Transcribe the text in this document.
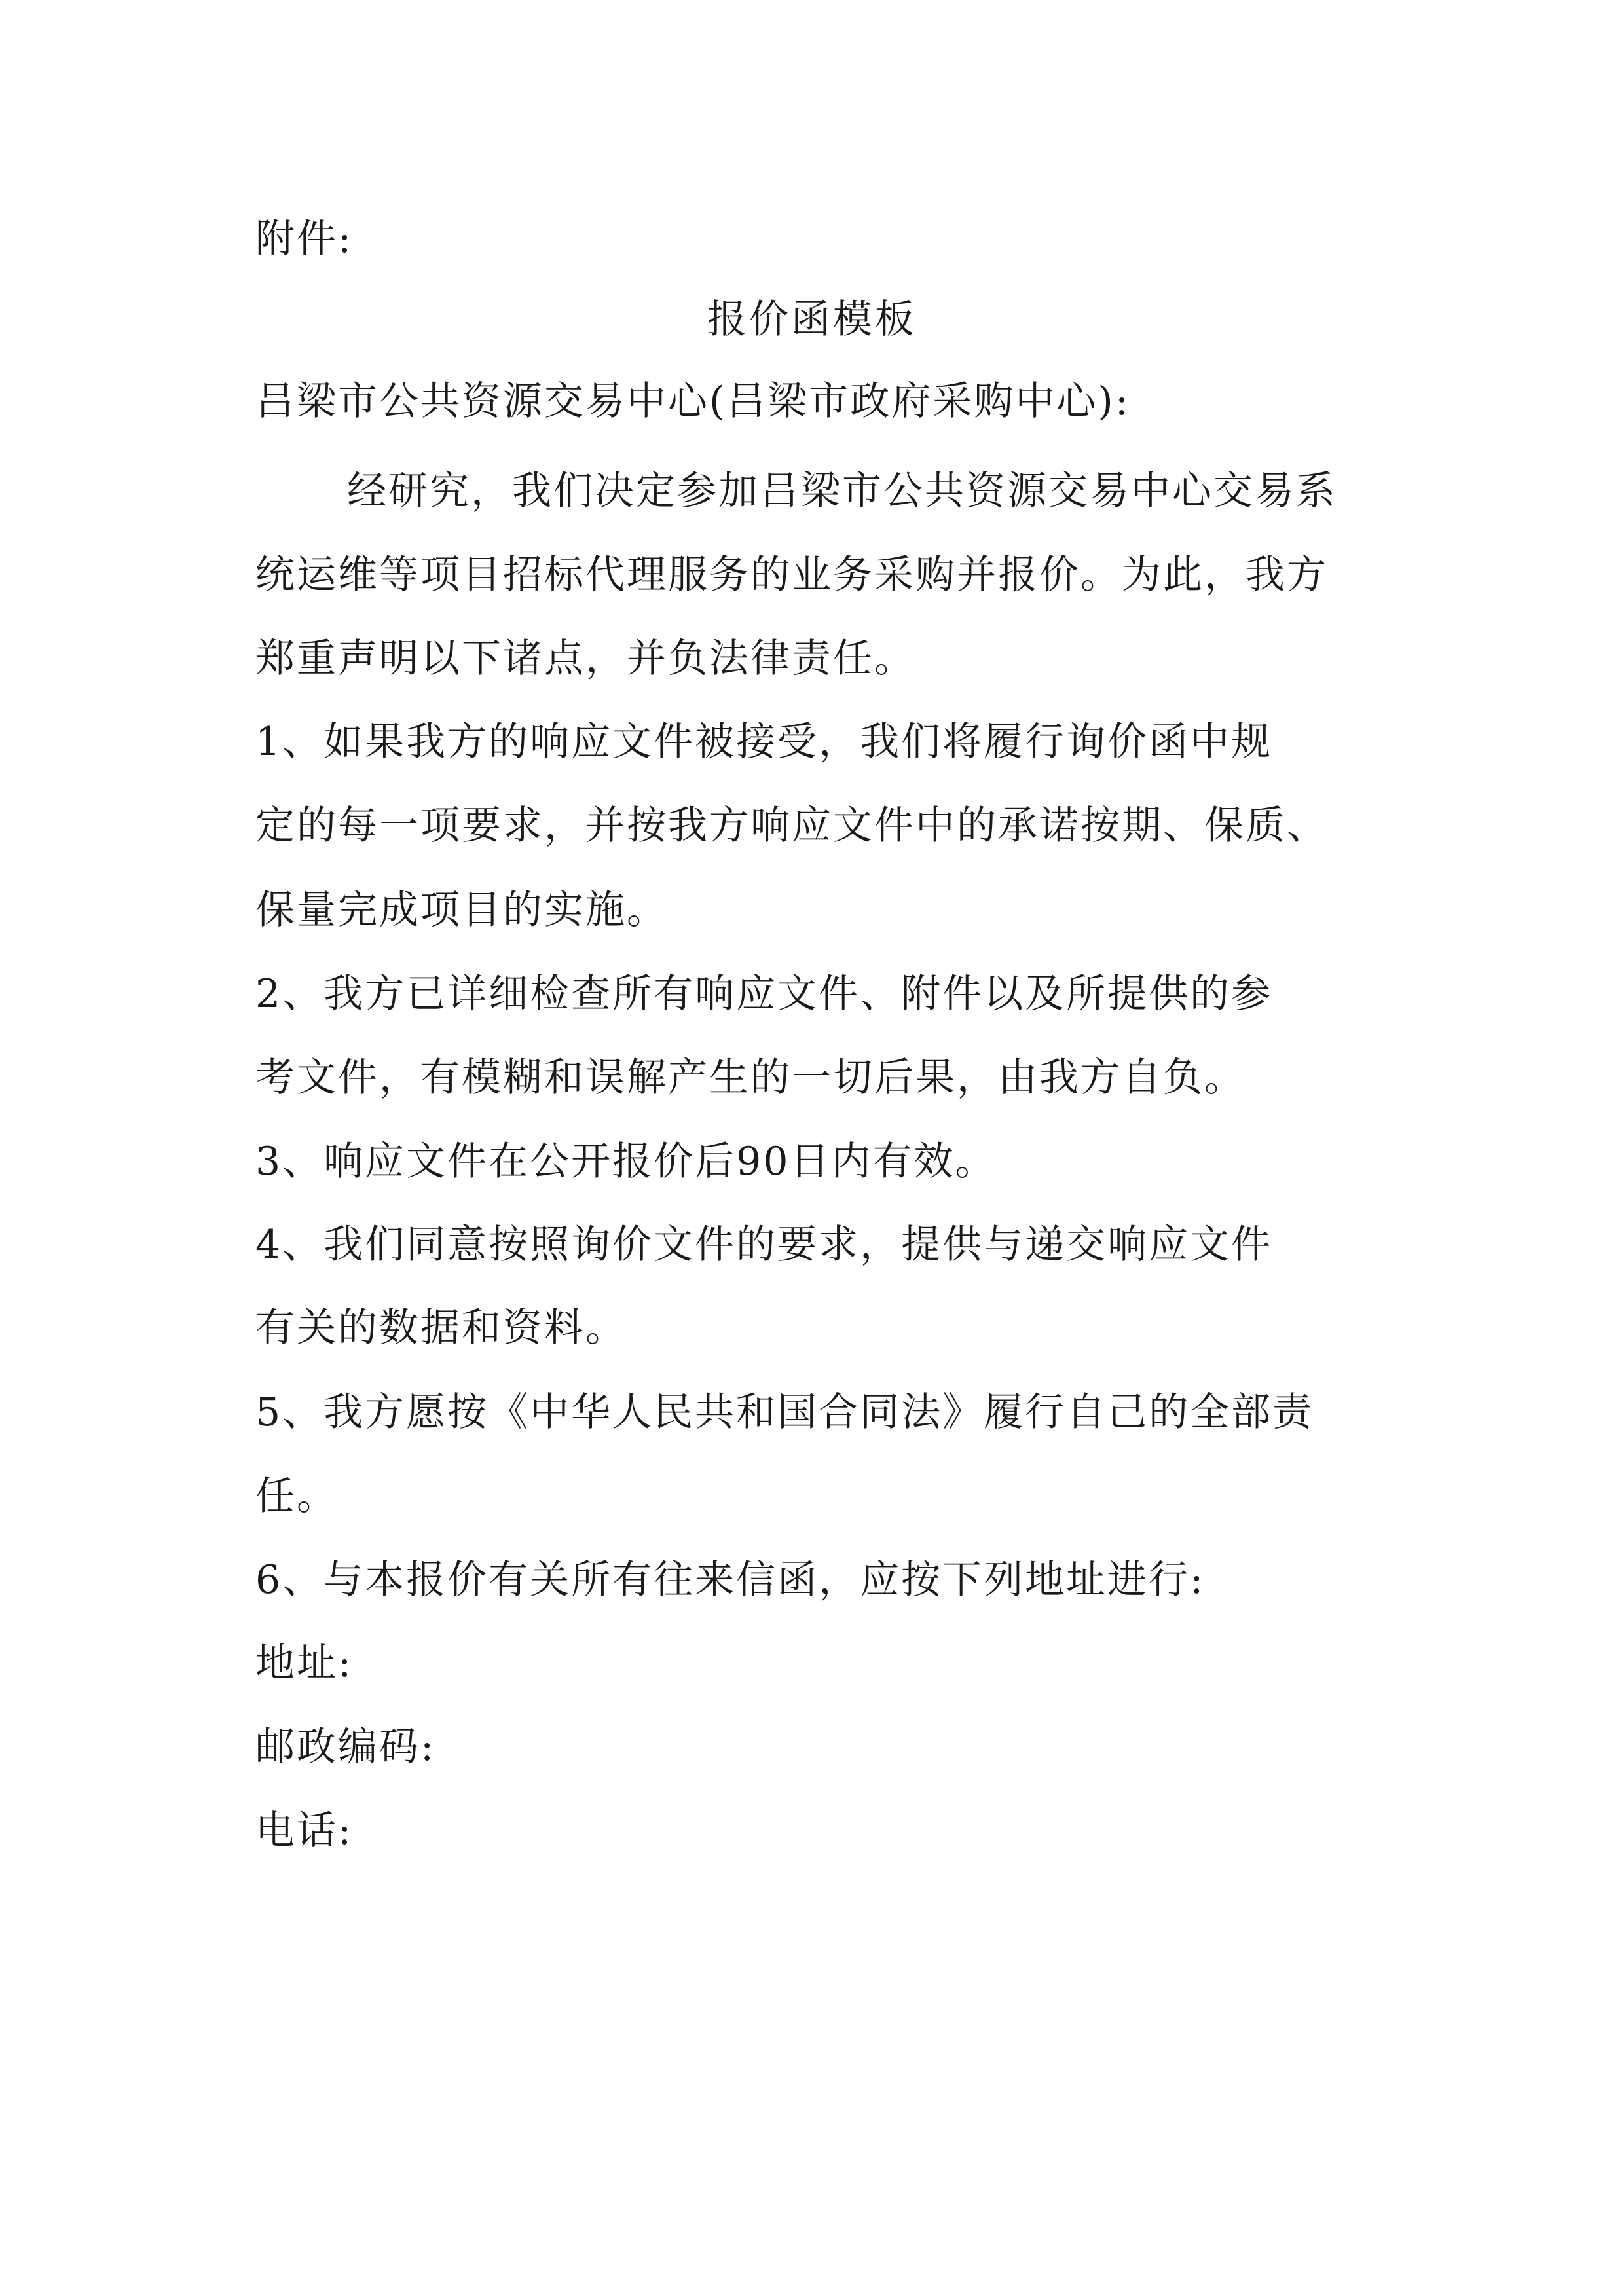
附件:
报价函模板
吕梁市公共资源交易中心(吕梁市政府采购中心):
经研究，我们决定参加吕梁市公共资源交易中心交易系
统运维等项目招标代理服务的业务采购并报价。为此，我方
郑重声明以下诸点，并负法律责任。
1、如果我方的响应文件被接受，我们将履行询价函中规
定的每一项要求，并按我方响应文件中的承诺按期、保质、
保量完成项目的实施。
2、我方已详细检查所有响应文件、附件以及所提供的参
考文件，有模糊和误解产生的一切后果，由我方自负。
3、响应文件在公开报价后90日内有效。
4、我们同意按照询价文件的要求，提供与递交响应文件
有关的数据和资料。
5、我方愿按《中华人民共和国合同法》履行自己的全部责
任。
6、与本报价有关所有往来信函，应按下列地址进行:
地址:
邮政编码:
电话:
